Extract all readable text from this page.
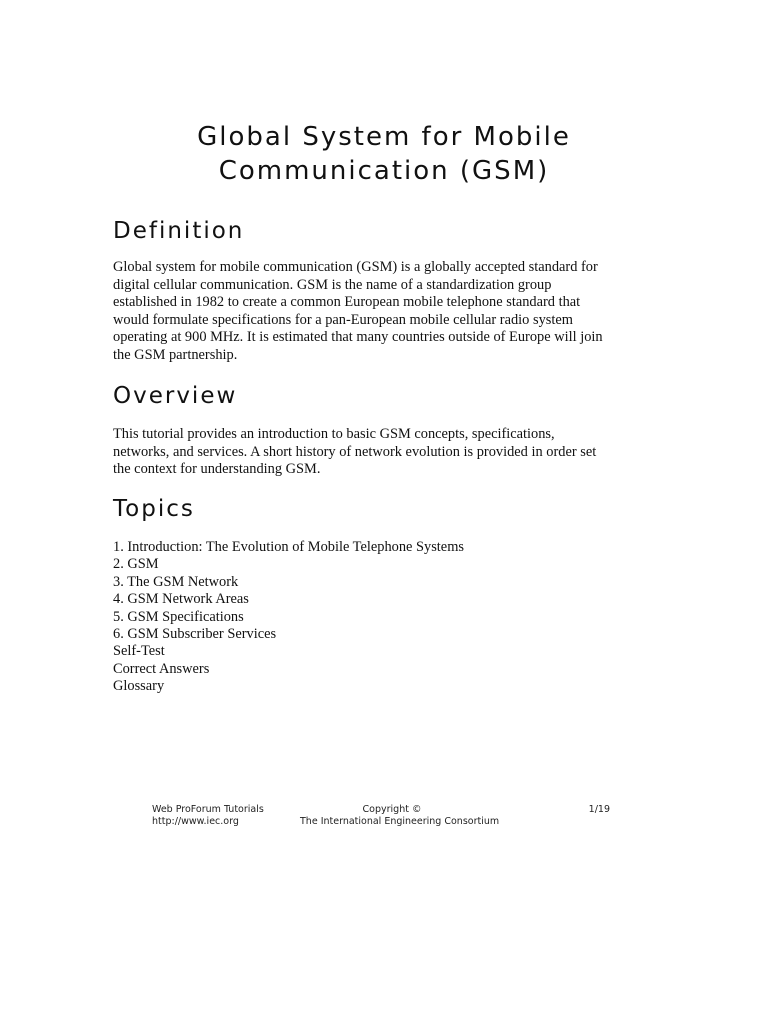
Global System for Mobile
Communication (GSM)
Definition

Global system for mobile communication (GSM) is a globally accepted standard for digital cellular communication. GSM is the name of a standardization group established in 1982 to create a common European mobile telephone standard that would formulate specifications for a pan-European mobile cellular radio system operating at 900 MHz. It is estimated that many countries outside of Europe will join the GSM partnership.

Overview

This tutorial provides an introduction to basic GSM concepts, specifications, networks, and services. A short history of network evolution is provided in order set the context for understanding GSM.

Topics
1. Introduction: The Evolution of Mobile Telephone Systems
2. GSM
3. The GSM Network
4. GSM Network Areas
5. GSM Specifications
6. GSM Subscriber Services
Self-Test
Correct Answers
Glossary
Web ProForum Tutorials
http://www.iec.org
Copyright ©
The International Engineering Consortium
1/19
